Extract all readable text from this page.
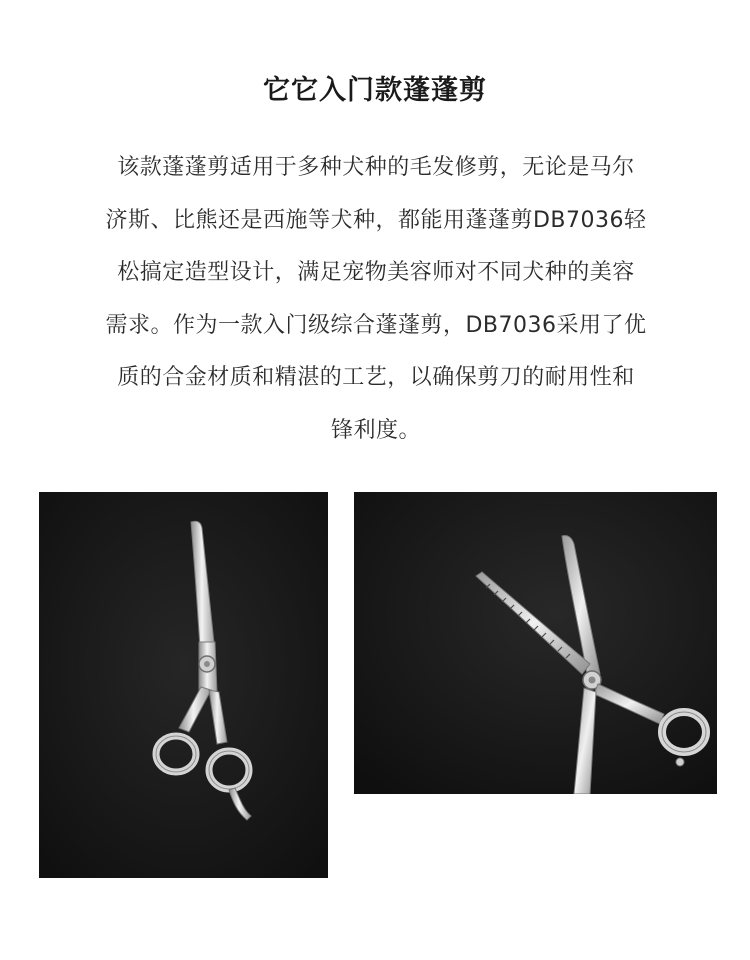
它它入门款蓬蓬剪
该款蓬蓬剪适用于多种犬种的毛发修剪，无论是马尔
济斯、比熊还是西施等犬种，都能用蓬蓬剪DB7036轻
松搞定造型设计，满足宠物美容师对不同犬种的美容
需求。作为一款入门级综合蓬蓬剪，DB7036采用了优
质的合金材质和精湛的工艺，以确保剪刀的耐用性和
锋利度。
